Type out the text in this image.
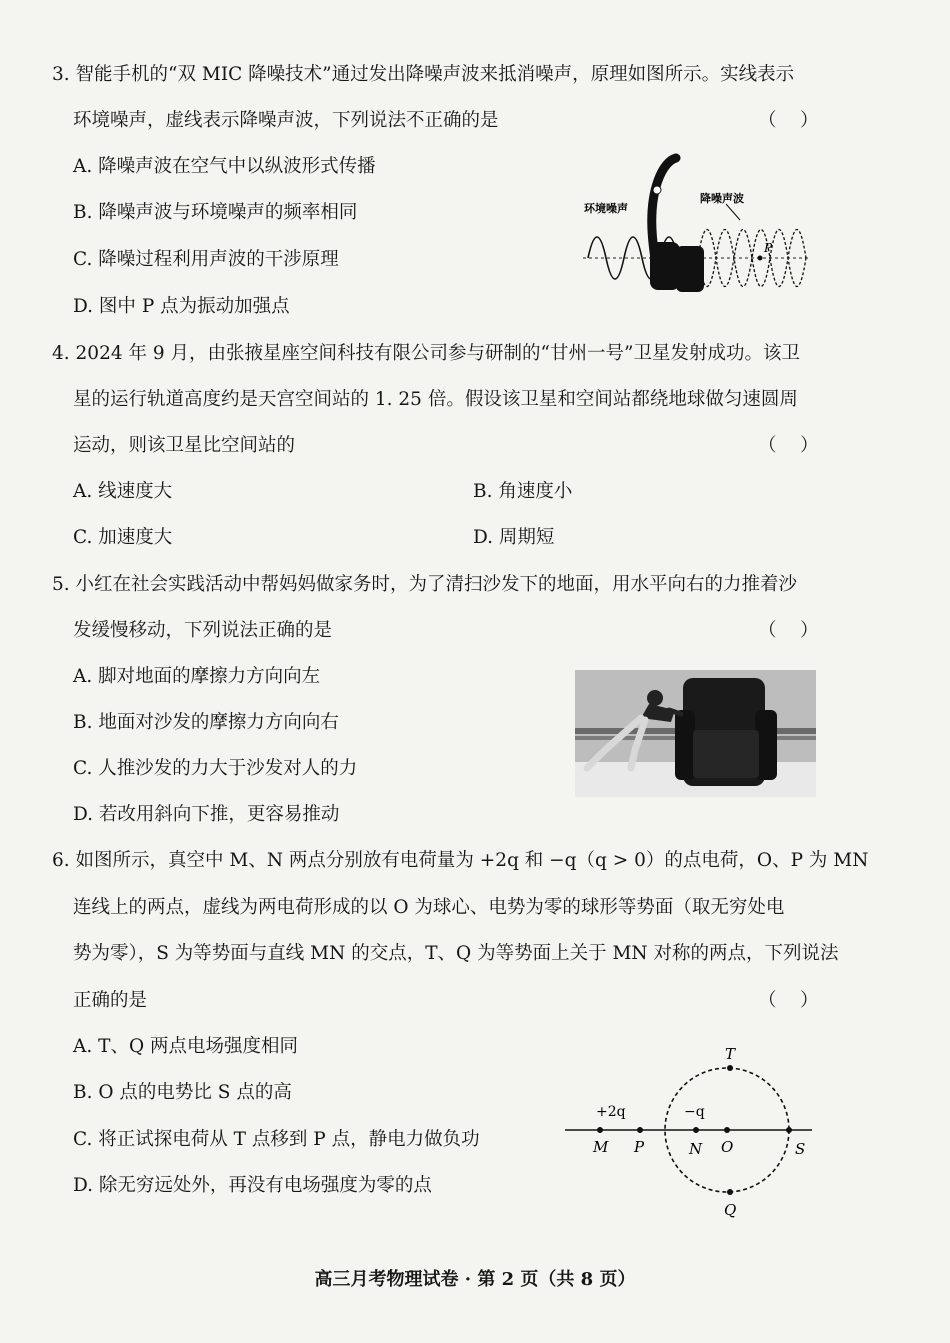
3. 智能手机的“双 MIC 降噪技术”通过发出降噪声波来抵消噪声，原理如图所示。实线表示
环境噪声，虚线表示降噪声波，下列说法不正确的是	（    ）
A. 降噪声波在空气中以纵波形式传播
B. 降噪声波与环境噪声的频率相同
C. 降噪过程利用声波的干涉原理
D. 图中 P 点为振动加强点
环境噪声
降噪声波
P
4. 2024 年 9 月，由张掖星座空间科技有限公司参与研制的“甘州一号”卫星发射成功。该卫
星的运行轨道高度约是天宫空间站的 1. 25 倍。假设该卫星和空间站都绕地球做匀速圆周
运动，则该卫星比空间站的	（    ）
A. 线速度大	B. 角速度小
C. 加速度大	D. 周期短
5. 小红在社会实践活动中帮妈妈做家务时，为了清扫沙发下的地面，用水平向右的力推着沙
发缓慢移动，下列说法正确的是	（    ）
A. 脚对地面的摩擦力方向向左
B. 地面对沙发的摩擦力方向向右
C. 人推沙发的力大于沙发对人的力
D. 若改用斜向下推，更容易推动
6. 如图所示，真空中 M、N 两点分别放有电荷量为 +2q 和 −q（q > 0）的点电荷，O、P 为 MN
连线上的两点，虚线为两电荷形成的以 O 为球心、电势为零的球形等势面（取无穷处电
势为零），S 为等势面与直线 MN 的交点，T、Q 为等势面上关于 MN 对称的两点，下列说法
正确的是	（    ）
A. T、Q 两点电场强度相同
B. O 点的电势比 S 点的高
C. 将正试探电荷从 T 点移到 P 点，静电力做负功
D. 除无穷远处外，再没有电场强度为零的点
+2q	−q
M P	N O	S
T
Q
高三月考物理试卷 · 第 2 页（共 8 页）
